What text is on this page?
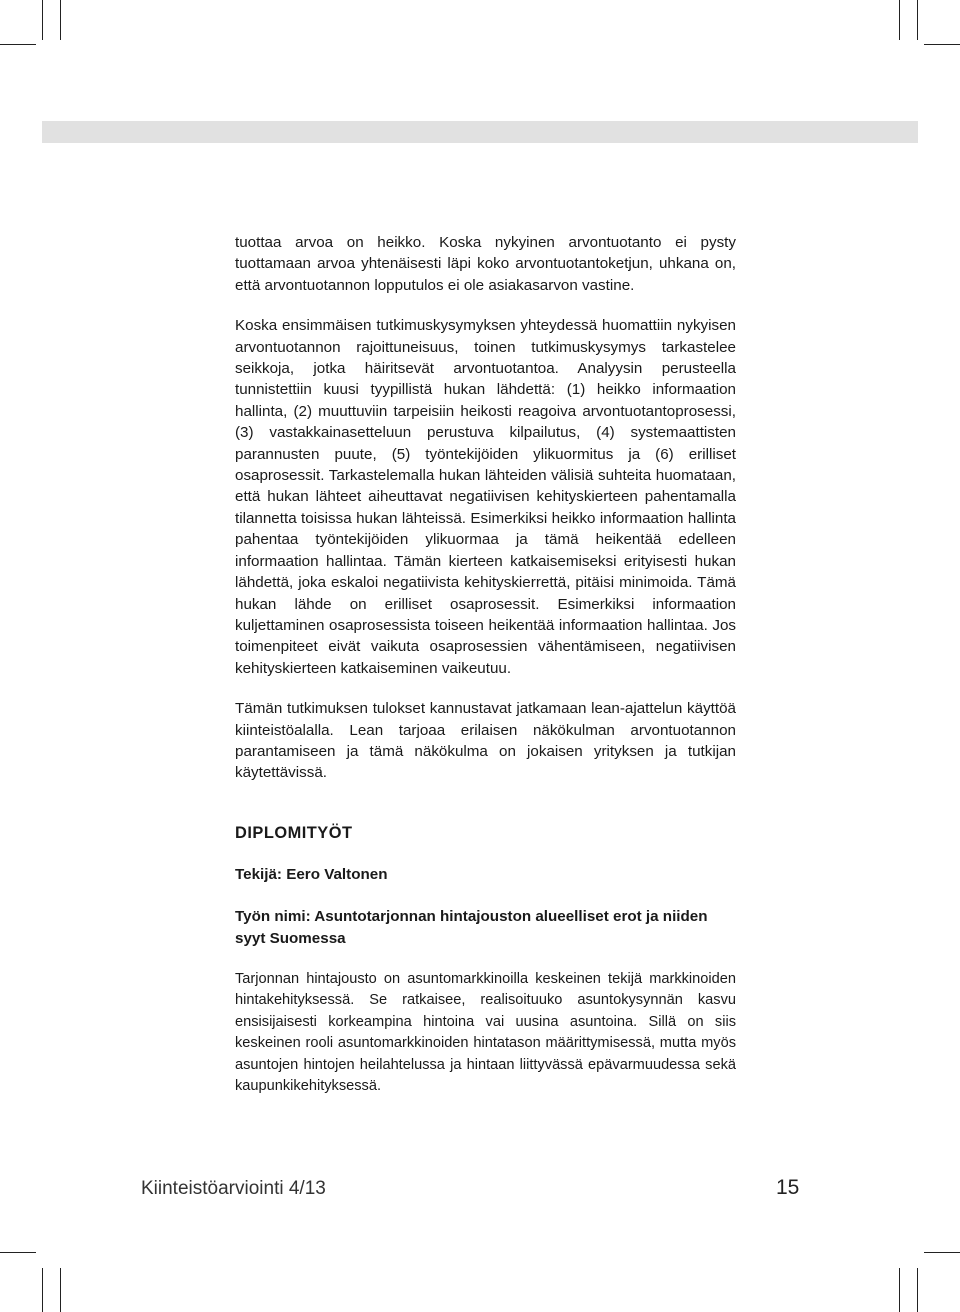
tuottaa arvoa on heikko. Koska nykyinen arvontuotanto ei pysty tuottamaan arvoa yhtenäisesti läpi koko arvontuotantoketjun, uhkana on, että arvontuotannon lopputulos ei ole asiakasarvon vastine.

Koska ensimmäisen tutkimuskysymyksen yhteydessä huomattiin nykyisen arvontuotannon rajoittuneisuus, toinen tutkimuskysymys tarkastelee seikkoja, jotka häiritsevät arvontuotantoa. Analyysin perusteella tunnistettiin kuusi tyypillistä hukan lähdettä: (1) heikko informaation hallinta, (2) muuttuviin tarpeisiin heikosti reagoiva arvontuotantoprosessi, (3) vastakkainasetteluun perustuva kilpailutus, (4) systemaattisten parannusten puute, (5) työntekijöiden ylikuormitus ja (6) erilliset osaprosessit. Tarkastelemalla hukan lähteiden välisiä suhteita huomataan, että hukan lähteet aiheuttavat negatiivisen kehityskierteen pahentamalla tilannetta toisissa hukan lähteissä. Esimerkiksi heikko informaation hallinta pahentaa työntekijöiden ylikuormaa ja tämä heikentää edelleen informaation hallintaa. Tämän kierteen katkaisemiseksi erityisesti hukan lähdettä, joka eskaloi negatiivista kehityskierrettä, pitäisi minimoida. Tämä hukan lähde on erilliset osaprosessit. Esimerkiksi informaation kuljettaminen osaprosessista toiseen heikentää informaation hallintaa. Jos toimenpiteet eivät vaikuta osaprosessien vähentämiseen, negatiivisen kehityskierteen katkaiseminen vaikeutuu.

Tämän tutkimuksen tulokset kannustavat jatkamaan lean-ajattelun käyttöä kiinteistöalalla. Lean tarjoaa erilaisen näkökulman arvontuotannon parantamiseen ja tämä näkökulma on jokaisen yrityksen ja tutkijan käytettävissä.

DIPLOMITYÖT

Tekijä: Eero Valtonen

Työn nimi: Asuntotarjonnan hintajouston alueelliset erot ja niiden syyt Suomessa

Tarjonnan hintajousto on asuntomarkkinoilla keskeinen tekijä markkinoiden hintakehityksessä. Se ratkaisee, realisoituuko asuntokysynnän kasvu ensisijaisesti korkeampina hintoina vai uusina asuntoina. Sillä on siis keskeinen rooli asuntomarkkinoiden hintatason määrittymisessä, mutta myös asuntojen hintojen heilahtelussa ja hintaan liittyvässä epävarmuudessa sekä kaupunkikehityksessä.

Kiinteistöarviointi 4/13	15
